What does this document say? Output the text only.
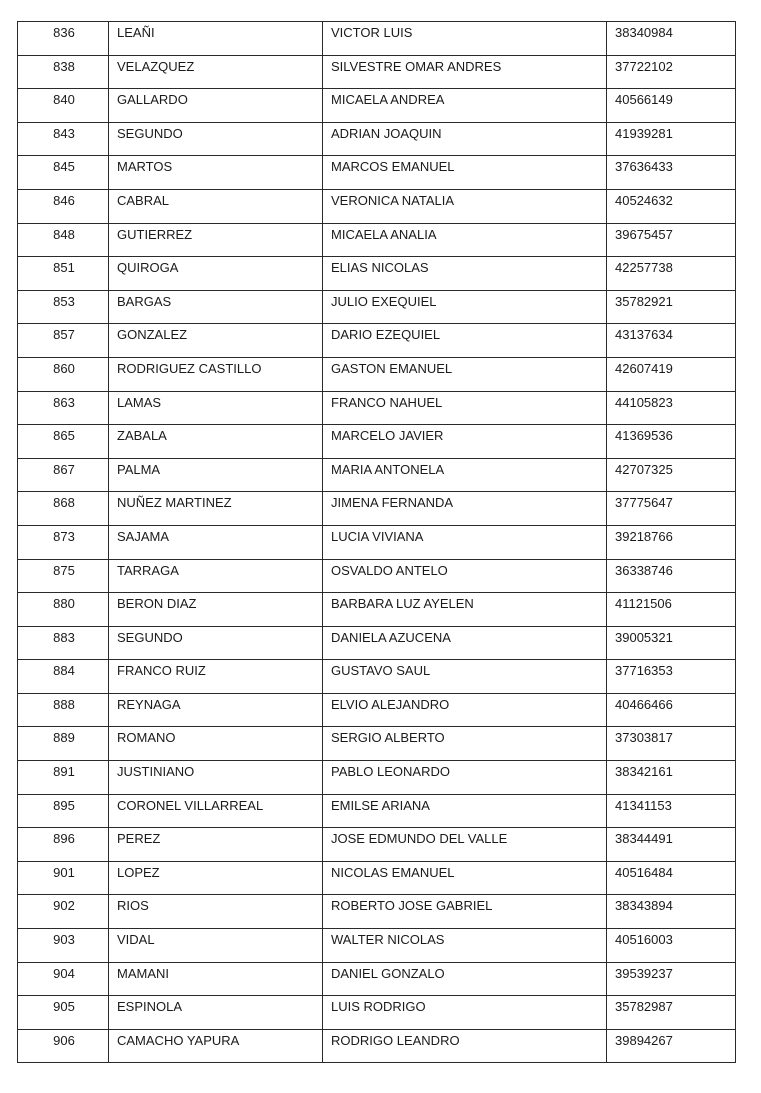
836	LEAÑI	VICTOR LUIS	38340984

838	VELAZQUEZ	SILVESTRE OMAR ANDRES	37722102

840	GALLARDO	MICAELA ANDREA	40566149

843	SEGUNDO	ADRIAN JOAQUIN	41939281

845	MARTOS	MARCOS EMANUEL	37636433

846	CABRAL	VERONICA NATALIA	40524632

848	GUTIERREZ	MICAELA ANALIA	39675457

851	QUIROGA	ELIAS NICOLAS	42257738

853	BARGAS	JULIO EXEQUIEL	35782921

857	GONZALEZ	DARIO EZEQUIEL	43137634

860	RODRIGUEZ CASTILLO	GASTON EMANUEL	42607419

863	LAMAS	FRANCO NAHUEL	44105823

865	ZABALA	MARCELO JAVIER	41369536

867	PALMA	MARIA ANTONELA	42707325

868	NUÑEZ MARTINEZ	JIMENA FERNANDA	37775647

873	SAJAMA	LUCIA VIVIANA	39218766

875	TARRAGA	OSVALDO ANTELO	36338746

880	BERON DIAZ	BARBARA LUZ AYELEN	41121506

883	SEGUNDO	DANIELA AZUCENA	39005321

884	FRANCO RUIZ	GUSTAVO SAUL	37716353

888	REYNAGA	ELVIO ALEJANDRO	40466466

889	ROMANO	SERGIO ALBERTO	37303817

891	JUSTINIANO	PABLO LEONARDO	38342161

895	CORONEL VILLARREAL	EMILSE ARIANA	41341153

896	PEREZ	JOSE EDMUNDO DEL VALLE	38344491

901	LOPEZ	NICOLAS EMANUEL	40516484

902	RIOS	ROBERTO JOSE GABRIEL	38343894

903	VIDAL	WALTER NICOLAS	40516003

904	MAMANI	DANIEL GONZALO	39539237

905	ESPINOLA	LUIS RODRIGO	35782987

906	CAMACHO YAPURA	RODRIGO LEANDRO	39894267
